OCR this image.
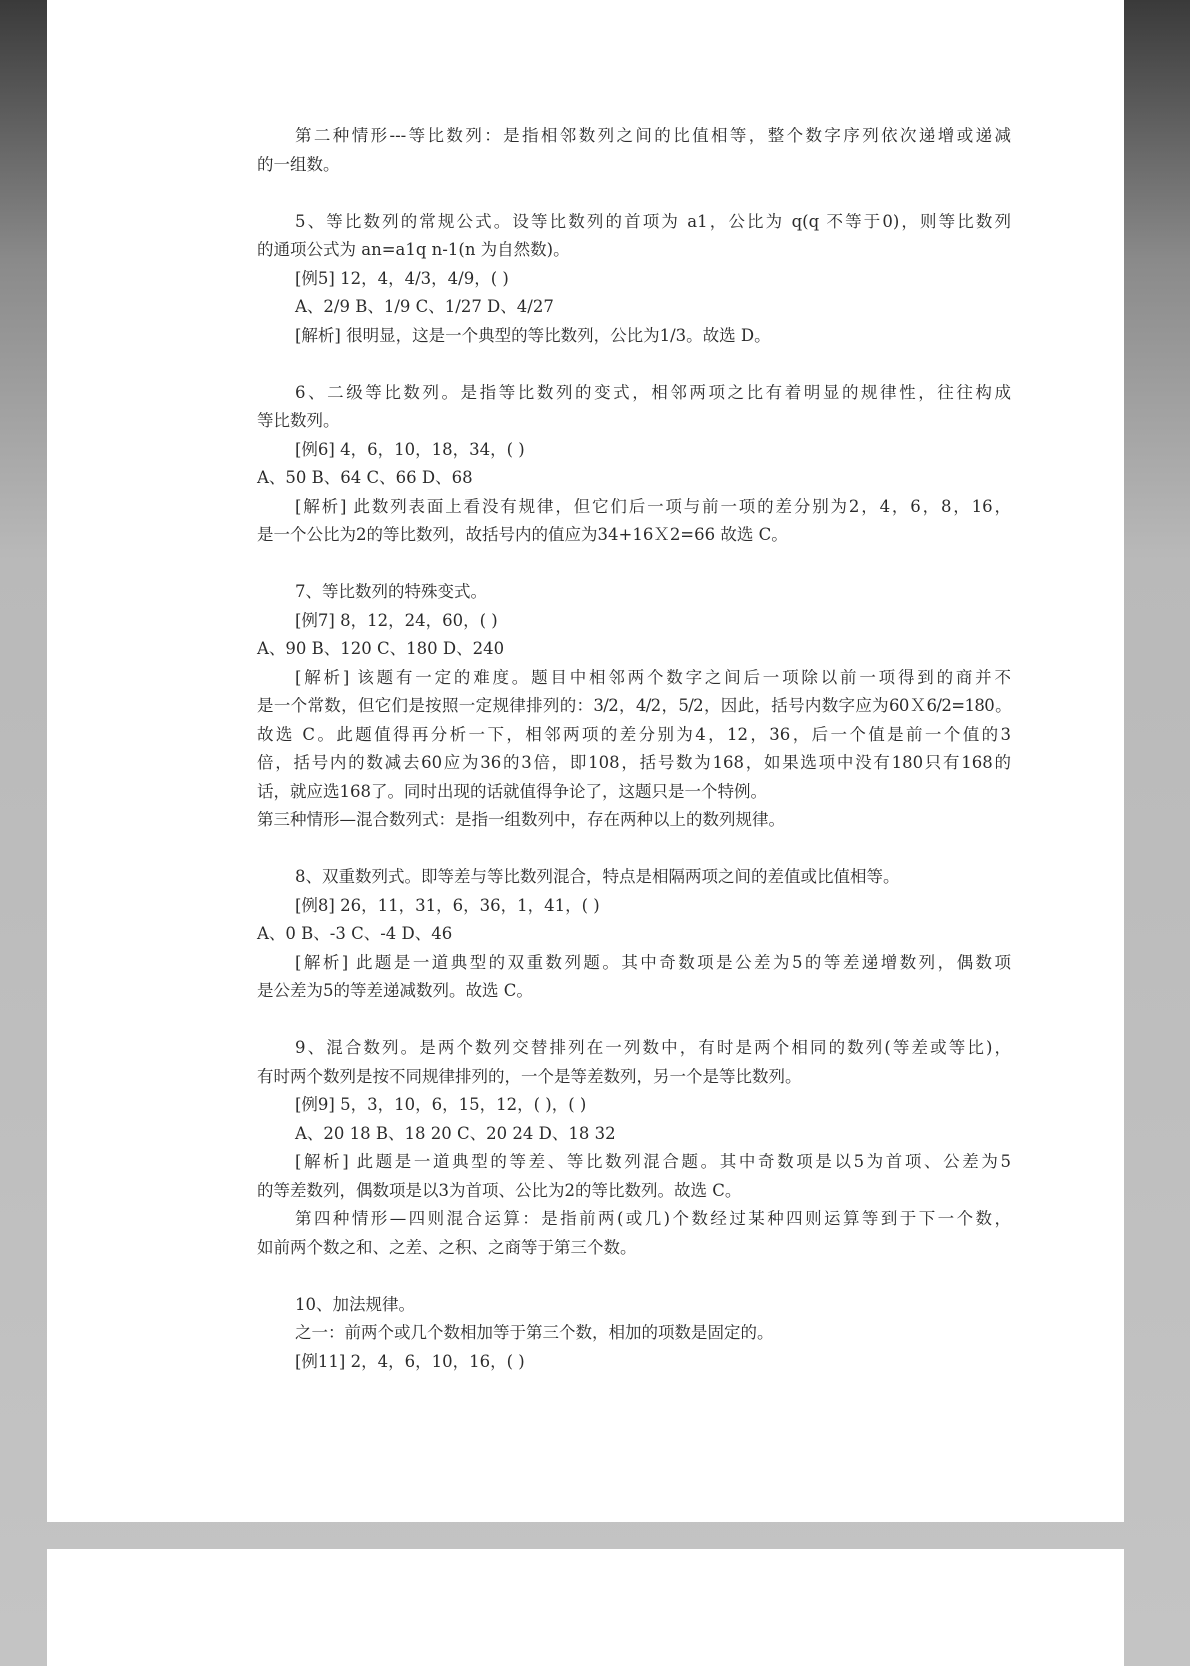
第二种情形---等比数列：是指相邻数列之间的比值相等，整个数字序列依次递增或递减

的一组数。

5、等比数列的常规公式。设等比数列的首项为 a1，公比为 q(q 不等于0)，则等比数列

的通项公式为 an=a1q n-1(n 为自然数)。

[例5] 12，4，4/3，4/9，( )

A、2/9 B、1/9 C、1/27 D、4/27

[解析] 很明显，这是一个典型的等比数列，公比为1/3。故选 D。

6、二级等比数列。是指等比数列的变式，相邻两项之比有着明显的规律性，往往构成

等比数列。

[例6] 4，6，10，18，34，( )

A、50 B、64 C、66 D、68

[解析] 此数列表面上看没有规律，但它们后一项与前一项的差分别为2，4，6，8，16，

是一个公比为2的等比数列，故括号内的值应为34+16Ｘ2=66 故选 C。

7、等比数列的特殊变式。

[例7] 8，12，24，60，( )

A、90 B、120 C、180 D、240

[解析] 该题有一定的难度。题目中相邻两个数字之间后一项除以前一项得到的商并不

是一个常数，但它们是按照一定规律排列的：3/2，4/2，5/2，因此，括号内数字应为60Ｘ6/2=180。

故选 C。此题值得再分析一下，相邻两项的差分别为4，12，36，后一个值是前一个值的3

倍，括号内的数减去60应为36的3倍，即108，括号数为168，如果选项中没有180只有168的

话，就应选168了。同时出现的话就值得争论了，这题只是一个特例。

第三种情形—混合数列式：是指一组数列中，存在两种以上的数列规律。

8、双重数列式。即等差与等比数列混合，特点是相隔两项之间的差值或比值相等。

[例8] 26，11，31，6，36，1，41，( )

A、0 B、-3 C、-4 D、46

[解析] 此题是一道典型的双重数列题。其中奇数项是公差为5的等差递增数列，偶数项

是公差为5的等差递减数列。故选 C。

9、混合数列。是两个数列交替排列在一列数中，有时是两个相同的数列(等差或等比)，

有时两个数列是按不同规律排列的，一个是等差数列，另一个是等比数列。

[例9] 5，3，10，6，15，12，( )，( )

A、20 18 B、18 20 C、20 24 D、18 32

[解析] 此题是一道典型的等差、等比数列混合题。其中奇数项是以5为首项、公差为5

的等差数列，偶数项是以3为首项、公比为2的等比数列。故选 C。

第四种情形—四则混合运算：是指前两(或几)个数经过某种四则运算等到于下一个数，

如前两个数之和、之差、之积、之商等于第三个数。

10、加法规律。

之一：前两个或几个数相加等于第三个数，相加的项数是固定的。

[例11] 2，4，6，10，16，( )
